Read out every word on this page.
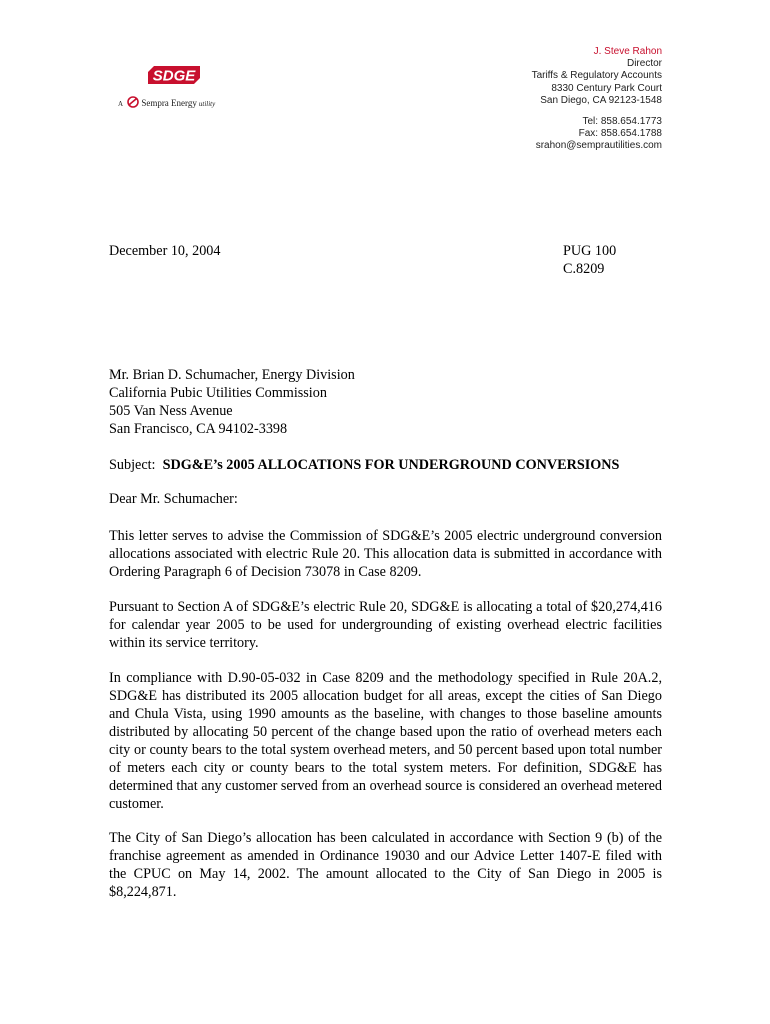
SDGE
A Sempra Energy utility
J. Steve Rahon
Director
Tariffs & Regulatory Accounts
8330 Century Park Court
San Diego, CA 92123-1548
Tel: 858.654.1773
Fax: 858.654.1788
srahon@semprautilities.com
December 10, 2004	PUG 100
C.8209
Mr. Brian D. Schumacher, Energy Division
California Pubic Utilities Commission
505 Van Ness Avenue
San Francisco, CA 94102-3398
Subject: SDG&E’s 2005 ALLOCATIONS FOR UNDERGROUND CONVERSIONS
Dear Mr. Schumacher:
This letter serves to advise the Commission of SDG&E’s 2005 electric underground conversion allocations associated with electric Rule 20. This allocation data is submitted in accordance with Ordering Paragraph 6 of Decision 73078 in Case 8209.
Pursuant to Section A of SDG&E’s electric Rule 20, SDG&E is allocating a total of $20,274,416 for calendar year 2005 to be used for undergrounding of existing overhead electric facilities within its service territory.
In compliance with D.90-05-032 in Case 8209 and the methodology specified in Rule 20A.2, SDG&E has distributed its 2005 allocation budget for all areas, except the cities of San Diego and Chula Vista, using 1990 amounts as the baseline, with changes to those baseline amounts distributed by allocating 50 percent of the change based upon the ratio of overhead meters each city or county bears to the total system overhead meters, and 50 percent based upon total number of meters each city or county bears to the total system meters. For definition, SDG&E has determined that any customer served from an overhead source is considered an overhead metered customer.
The City of San Diego’s allocation has been calculated in accordance with Section 9 (b) of the franchise agreement as amended in Ordinance 19030 and our Advice Letter 1407-E filed with the CPUC on May 14, 2002. The amount allocated to the City of San Diego in 2005 is $8,224,871.
